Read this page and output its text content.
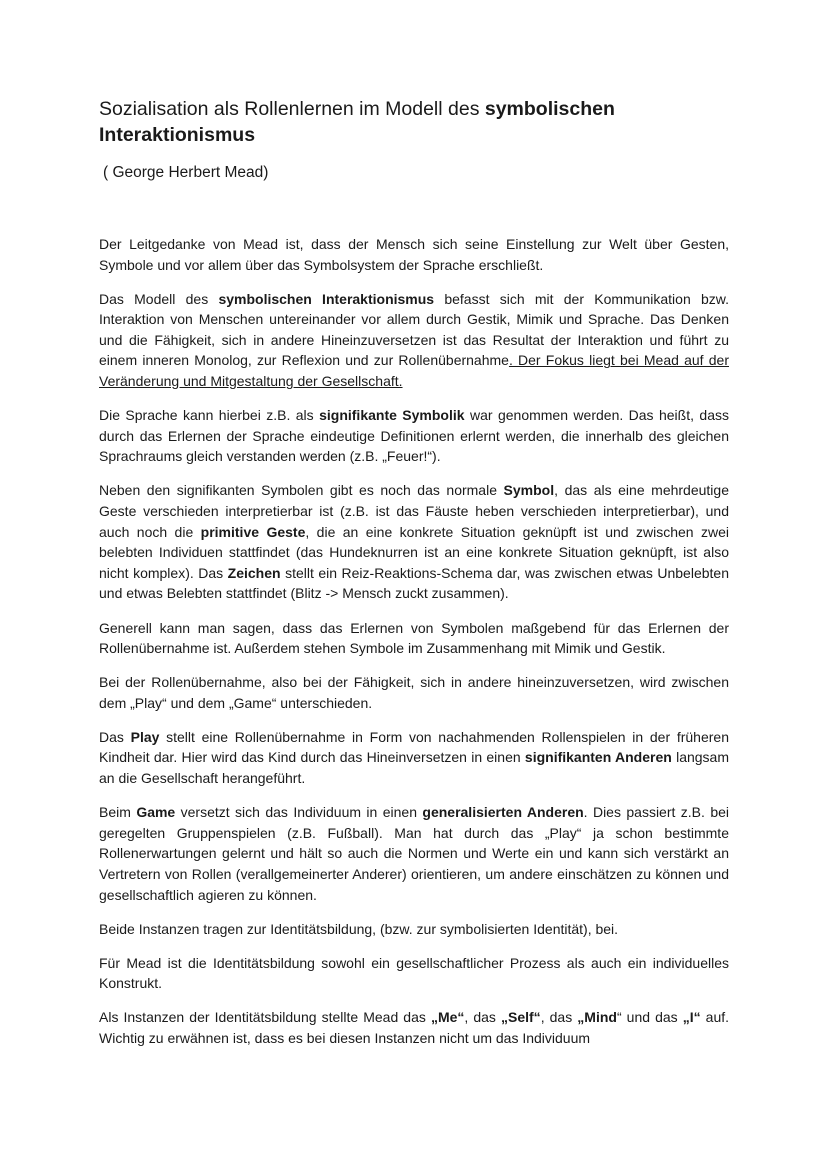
Sozialisation als Rollenlernen im Modell des symbolischen Interaktionismus

( George Herbert Mead)

Der Leitgedanke von Mead ist, dass der Mensch sich seine Einstellung zur Welt über Gesten, Symbole und vor allem über das Symbolsystem der Sprache erschließt.

Das Modell des symbolischen Interaktionismus befasst sich mit der Kommunikation bzw. Interaktion von Menschen untereinander vor allem durch Gestik, Mimik und Sprache. Das Denken und die Fähigkeit, sich in andere Hineinzuversetzen ist das Resultat der Interaktion und führt zu einem inneren Monolog, zur Reflexion und zur Rollenübernahme. Der Fokus liegt bei Mead auf der Veränderung und Mitgestaltung der Gesellschaft.

Die Sprache kann hierbei z.B. als signifikante Symbolik war genommen werden. Das heißt, dass durch das Erlernen der Sprache eindeutige Definitionen erlernt werden, die innerhalb des gleichen Sprachraums gleich verstanden werden (z.B. „Feuer!“).

Neben den signifikanten Symbolen gibt es noch das normale Symbol, das als eine mehrdeutige Geste verschieden interpretierbar ist (z.B. ist das Fäuste heben verschieden interpretierbar), und auch noch die primitive Geste, die an eine konkrete Situation geknüpft ist und zwischen zwei belebten Individuen stattfindet (das Hundeknurren ist an eine konkrete Situation geknüpft, ist also nicht komplex). Das Zeichen stellt ein Reiz-Reaktions-Schema dar, was zwischen etwas Unbelebten und etwas Belebten stattfindet (Blitz -> Mensch zuckt zusammen).

Generell kann man sagen, dass das Erlernen von Symbolen maßgebend für das Erlernen der Rollenübernahme ist. Außerdem stehen Symbole im Zusammenhang mit Mimik und Gestik.

Bei der Rollenübernahme, also bei der Fähigkeit, sich in andere hineinzuversetzen, wird zwischen dem „Play“ und dem „Game“ unterschieden.

Das Play stellt eine Rollenübernahme in Form von nachahmenden Rollenspielen in der früheren Kindheit dar. Hier wird das Kind durch das Hineinversetzen in einen signifikanten Anderen langsam an die Gesellschaft herangeführt.

Beim Game versetzt sich das Individuum in einen generalisierten Anderen. Dies passiert z.B. bei geregelten Gruppenspielen (z.B. Fußball). Man hat durch das „Play“ ja schon bestimmte Rollenerwartungen gelernt und hält so auch die Normen und Werte ein und kann sich verstärkt an Vertretern von Rollen (verallgemeinerter Anderer) orientieren, um andere einschätzen zu können und gesellschaftlich agieren zu können.

Beide Instanzen tragen zur Identitätsbildung, (bzw. zur symbolisierten Identität), bei.

Für Mead ist die Identitätsbildung sowohl ein gesellschaftlicher Prozess als auch ein individuelles Konstrukt.

Als Instanzen der Identitätsbildung stellte Mead das „Me“, das „Self“, das „Mind“ und das „I“ auf. Wichtig zu erwähnen ist, dass es bei diesen Instanzen nicht um das Individuum
